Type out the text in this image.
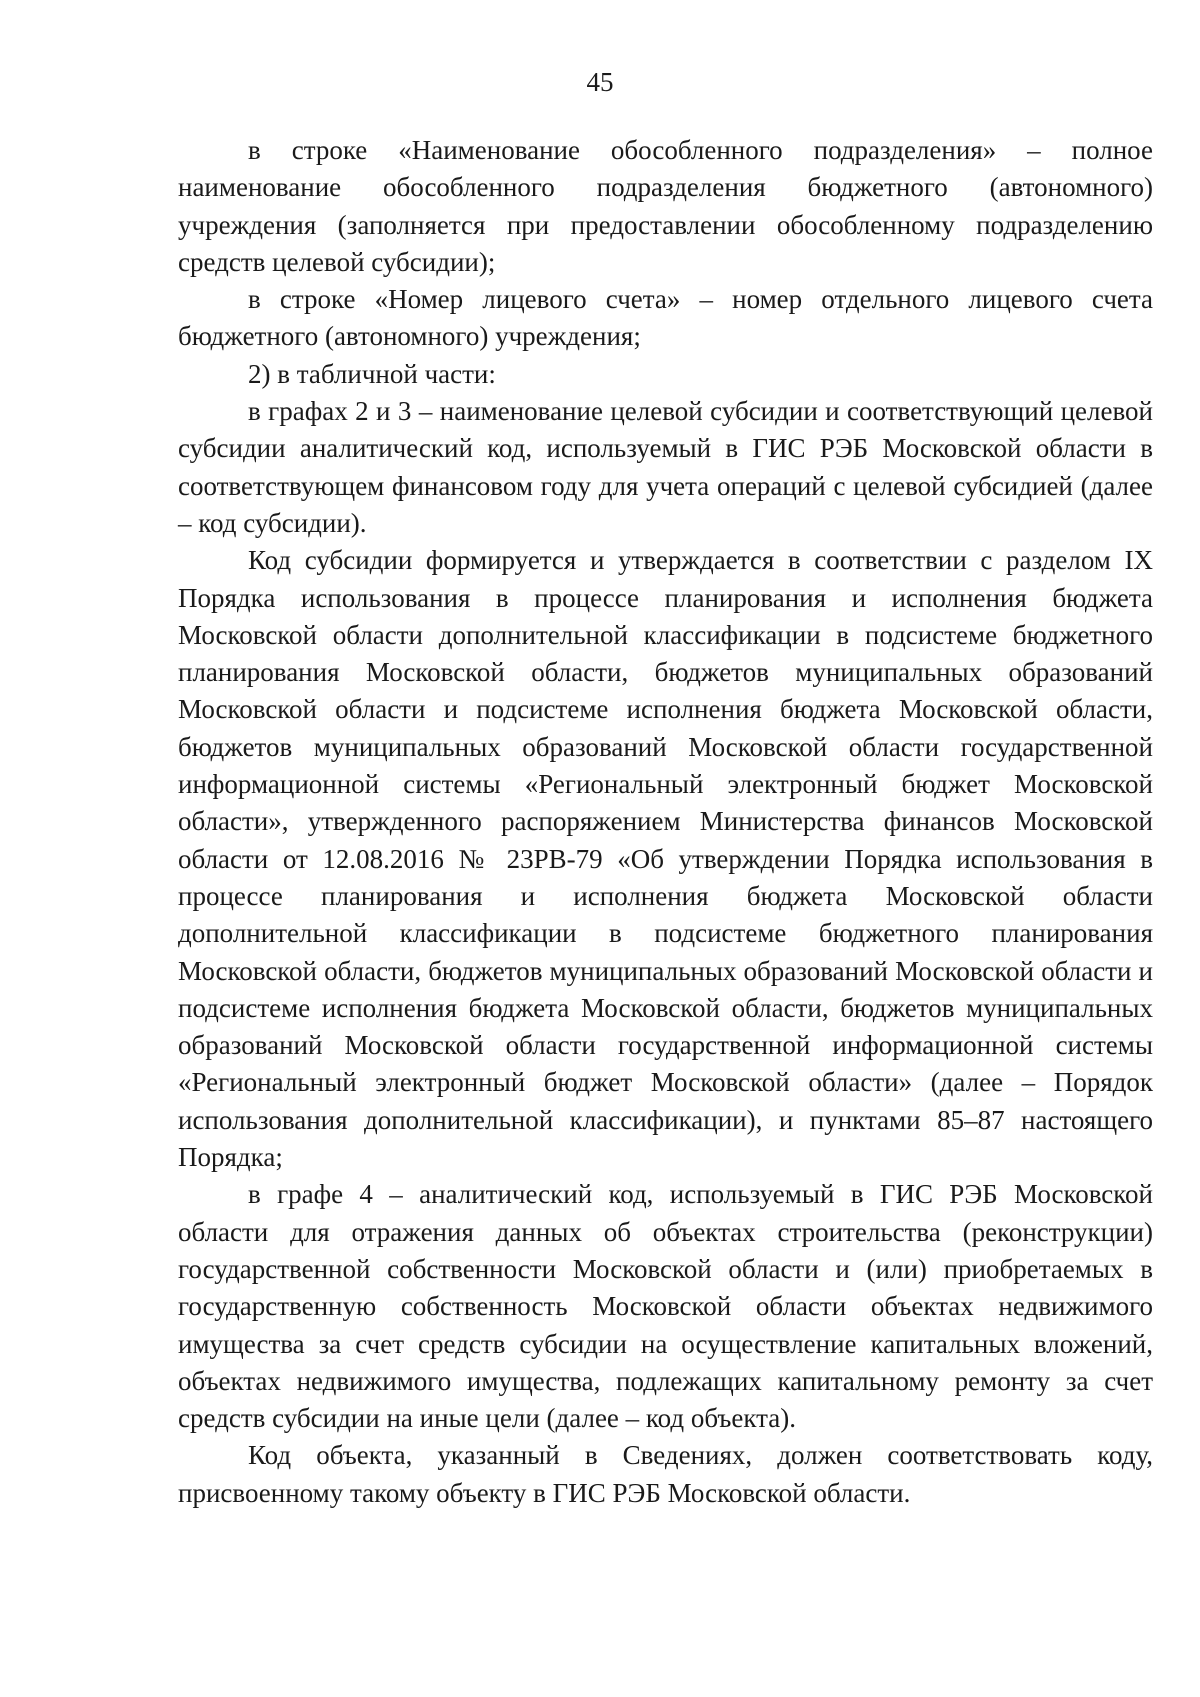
45

в строке «Наименование обособленного подразделения» – полное наименование обособленного подразделения бюджетного (автономного) учреждения (заполняется при предоставлении обособленному подразделению средств целевой субсидии);

в строке «Номер лицевого счета» – номер отдельного лицевого счета бюджетного (автономного) учреждения;

2) в табличной части:

в графах 2 и 3 – наименование целевой субсидии и соответствующий целевой субсидии аналитический код, используемый в ГИС РЭБ Московской области в соответствующем финансовом году для учета операций с целевой субсидией (далее – код субсидии).

Код субсидии формируется и утверждается в соответствии с разделом IX Порядка использования в процессе планирования и исполнения бюджета Московской области дополнительной классификации в подсистеме бюджетного планирования Московской области, бюджетов муниципальных образований Московской области и подсистеме исполнения бюджета Московской области, бюджетов муниципальных образований Московской области государственной информационной системы «Региональный электронный бюджет Московской области», утвержденного распоряжением Министерства финансов Московской области от 12.08.2016 № 23РВ-79 «Об утверждении Порядка использования в процессе планирования и исполнения бюджета Московской области дополнительной классификации в подсистеме бюджетного планирования Московской области, бюджетов муниципальных образований Московской области и подсистеме исполнения бюджета Московской области, бюджетов муниципальных образований Московской области государственной информационной системы «Региональный электронный бюджет Московской области» (далее – Порядок использования дополнительной классификации), и пунктами 85–87 настоящего Порядка;

в графе 4 – аналитический код, используемый в ГИС РЭБ Московской области для отражения данных об объектах строительства (реконструкции) государственной собственности Московской области и (или) приобретаемых в государственную собственность Московской области объектах недвижимого имущества за счет средств субсидии на осуществление капитальных вложений, объектах недвижимого имущества, подлежащих капитальному ремонту за счет средств субсидии на иные цели (далее – код объекта).

Код объекта, указанный в Сведениях, должен соответствовать коду, присвоенному такому объекту в ГИС РЭБ Московской области.
